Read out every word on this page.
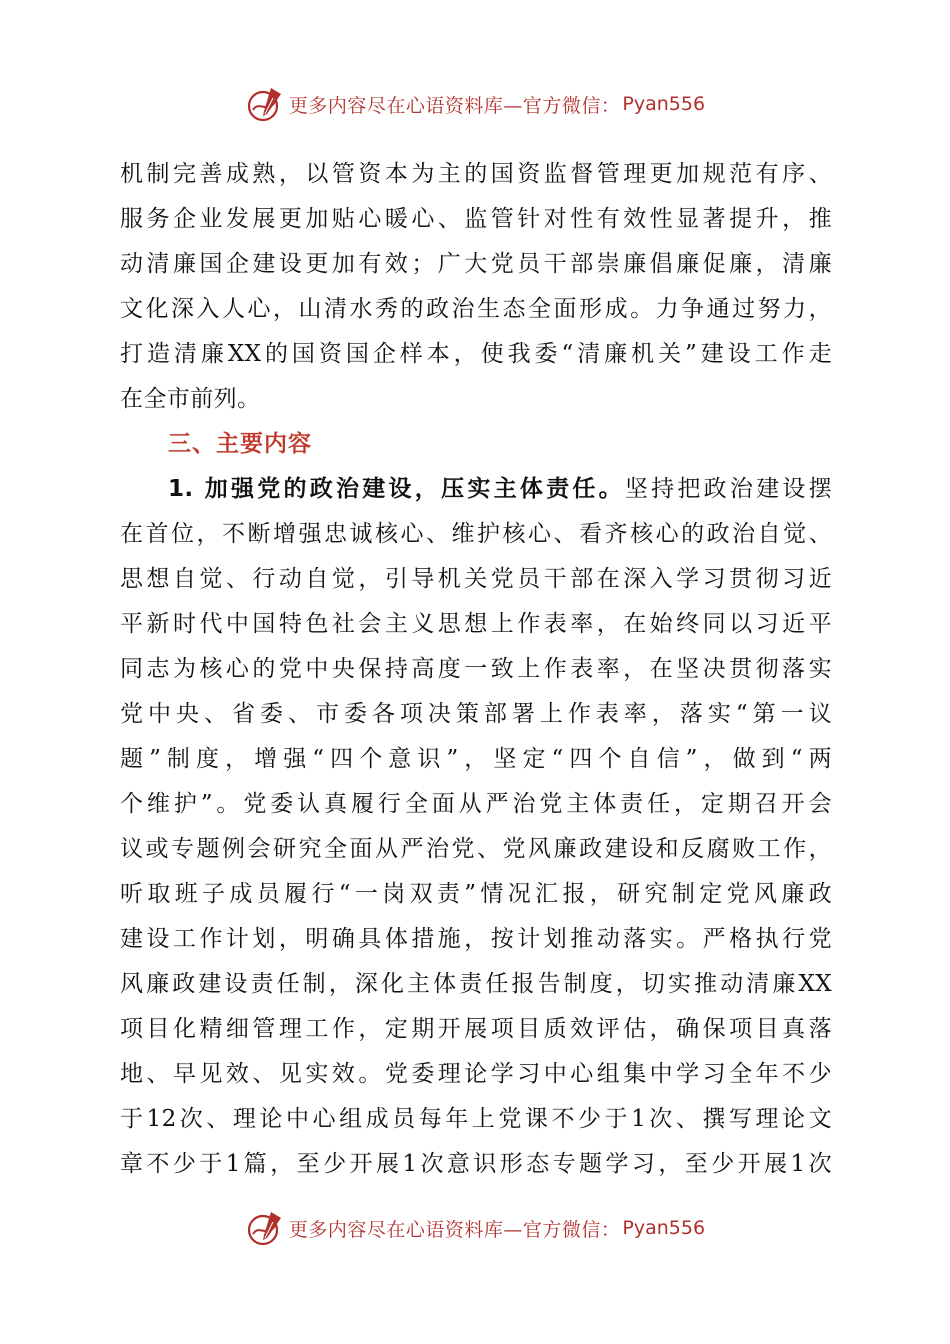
更多内容尽在心语资料库—官方微信： Pyan556
机制完善成熟，以管资本为主的国资监督管理更加规范有序、
服务企业发展更加贴心暖心、监管针对性有效性显著提升，推
动清廉国企建设更加有效；广大党员干部崇廉倡廉促廉，清廉
文化深入人心，山清水秀的政治生态全面形成。力争通过努力，
打造清廉XX的国资国企样本，使我委“清廉机关”建设工作走
在全市前列。
三、主要内容
1. 加强党的政治建设，压实主体责任。坚持把政治建设摆
在首位，不断增强忠诚核心、维护核心、看齐核心的政治自觉、
思想自觉、行动自觉，引导机关党员干部在深入学习贯彻习近
平新时代中国特色社会主义思想上作表率，在始终同以习近平
同志为核心的党中央保持高度一致上作表率，在坚决贯彻落实
党中央、省委、市委各项决策部署上作表率，落实“第一议
题”制度，增强“四个意识”，坚定“四个自信”，做到“两
个维护”。党委认真履行全面从严治党主体责任，定期召开会
议或专题例会研究全面从严治党、党风廉政建设和反腐败工作，
听取班子成员履行“一岗双责”情况汇报，研究制定党风廉政
建设工作计划，明确具体措施，按计划推动落实。严格执行党
风廉政建设责任制，深化主体责任报告制度，切实推动清廉XX
项目化精细管理工作，定期开展项目质效评估，确保项目真落
地、早见效、见实效。党委理论学习中心组集中学习全年不少
于12次、理论中心组成员每年上党课不少于1次、撰写理论文
章不少于1篇，至少开展1次意识形态专题学习，至少开展1次
更多内容尽在心语资料库—官方微信： Pyan556
